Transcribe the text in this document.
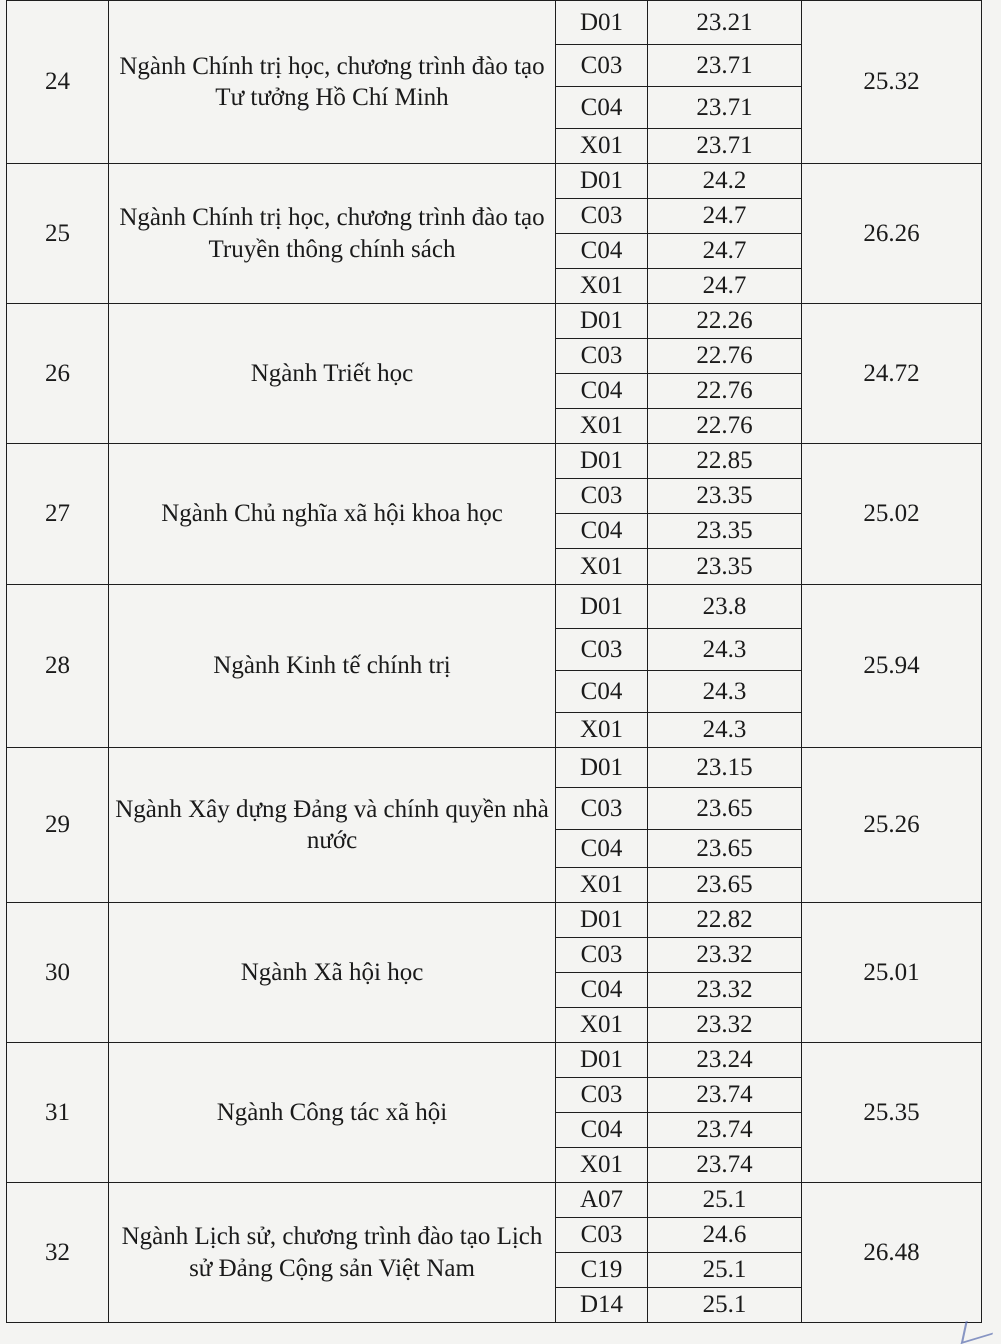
24	Ngành Chính trị học, chương trình đào tạo Tư tưởng Hồ Chí Minh	D01	23.21	25.32
		C03	23.71	
		C04	23.71	
		X01	23.71	
25	Ngành Chính trị học, chương trình đào tạo Truyền thông chính sách	D01	24.2	26.26
		C03	24.7	
		C04	24.7	
		X01	24.7	
26	Ngành Triết học	D01	22.26	24.72
		C03	22.76	
		C04	22.76	
		X01	22.76	
27	Ngành Chủ nghĩa xã hội khoa học	D01	22.85	25.02
		C03	23.35	
		C04	23.35	
		X01	23.35	
28	Ngành Kinh tế chính trị	D01	23.8	25.94
		C03	24.3	
		C04	24.3	
		X01	24.3	
29	Ngành Xây dựng Đảng và chính quyền nhà nước	D01	23.15	25.26
		C03	23.65	
		C04	23.65	
		X01	23.65	
30	Ngành Xã hội học	D01	22.82	25.01
		C03	23.32	
		C04	23.32	
		X01	23.32	
31	Ngành Công tác xã hội	D01	23.24	25.35
		C03	23.74	
		C04	23.74	
		X01	23.74	
32	Ngành Lịch sử, chương trình đào tạo Lịch sử Đảng Cộng sản Việt Nam	A07	25.1	26.48
		C03	24.6	
		C19	25.1	
		D14	25.1	
